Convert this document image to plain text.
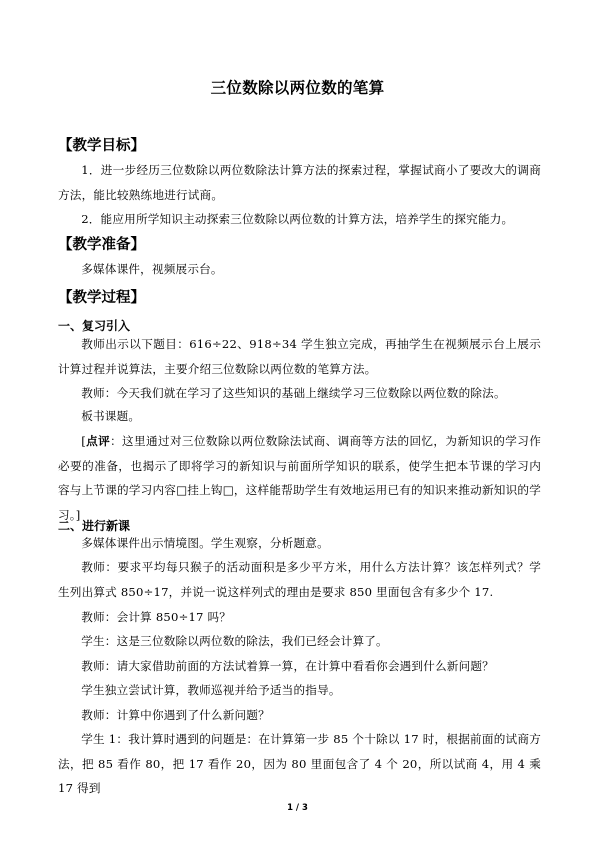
三位数除以两位数的笔算
【教学目标】
1．进一步经历三位数除以两位数除法计算方法的探索过程，掌握试商小了要改大的调商方法，能比较熟练地进行试商。
2．能应用所学知识主动探索三位数除以两位数的计算方法，培养学生的探究能力。
【教学准备】
多媒体课件，视频展示台。
【教学过程】
一、复习引入
教师出示以下题目：616÷22、918÷34 学生独立完成，再抽学生在视频展示台上展示计算过程并说算法，主要介绍三位数除以两位数的笔算方法。
教师：今天我们就在学习了这些知识的基础上继续学习三位数除以两位数的除法。
板书课题。
[点评：这里通过对三位数除以两位数除法试商、调商等方法的回忆，为新知识的学习作必要的准备，也揭示了即将学习的新知识与前面所学知识的联系，使学生把本节课的学习内容与上节课的学习内容□挂上钩□，这样能帮助学生有效地运用已有的知识来推动新知识的学习。]
二、进行新课
多媒体课件出示情境图。学生观察，分析题意。
教师：要求平均每只猴子的活动面积是多少平方米，用什么方法计算？该怎样列式？学生列出算式 850÷17，并说一说这样列式的理由是要求 850 里面包含有多少个 17.
教师：会计算 850÷17 吗？
学生：这是三位数除以两位数的除法，我们已经会计算了。
教师：请大家借助前面的方法试着算一算，在计算中看看你会遇到什么新问题？
学生独立尝试计算，教师巡视并给予适当的指导。
教师：计算中你遇到了什么新问题？
学生 1：我计算时遇到的问题是：在计算第一步 85 个十除以 17 时，根据前面的试商方法，把 85 看作 80，把 17 看作 20，因为 80 里面包含了 4 个 20，所以试商 4，用 4 乘 17 得到
1 / 3
